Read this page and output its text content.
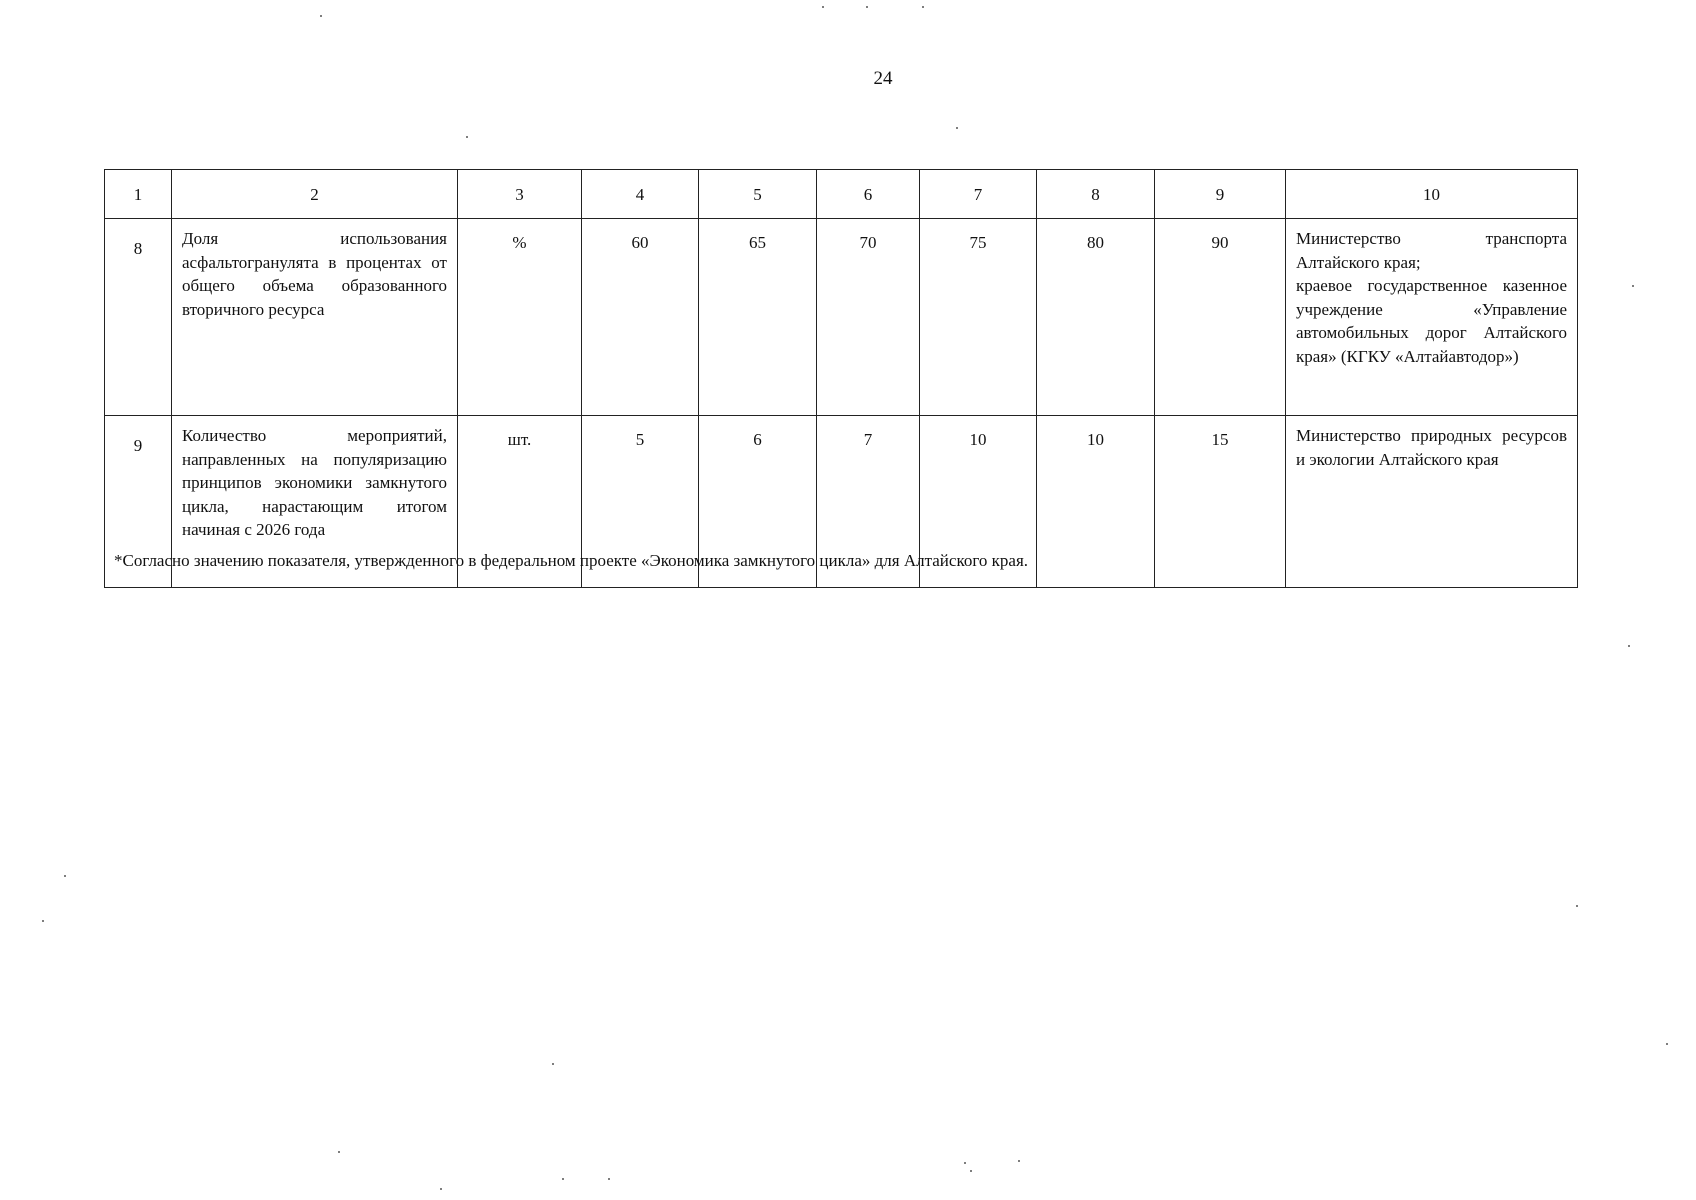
24
1	2	3	4	5	6	7	8	9	10
8	Доля использования асфальтогранулята в процентах от общего объема образованного вторичного ресурса	%	60	65	70	75	80	90	Министерство транспорта Алтайского края;
краевое государственное казенное учреждение «Управление автомобильных дорог Алтайского края» (КГКУ «Алтайавтодор»)

9	Количество мероприятий, направленных на популяризацию принципов экономики замкнутого цикла, нарастающим итогом начиная с 2026 года	шт.	5	6	7	10	10	15	Министерство природных ресурсов и экологии Алтайского края
*Согласно значению показателя, утвержденного в федеральном проекте «Экономика замкнутого цикла» для Алтайского края.
